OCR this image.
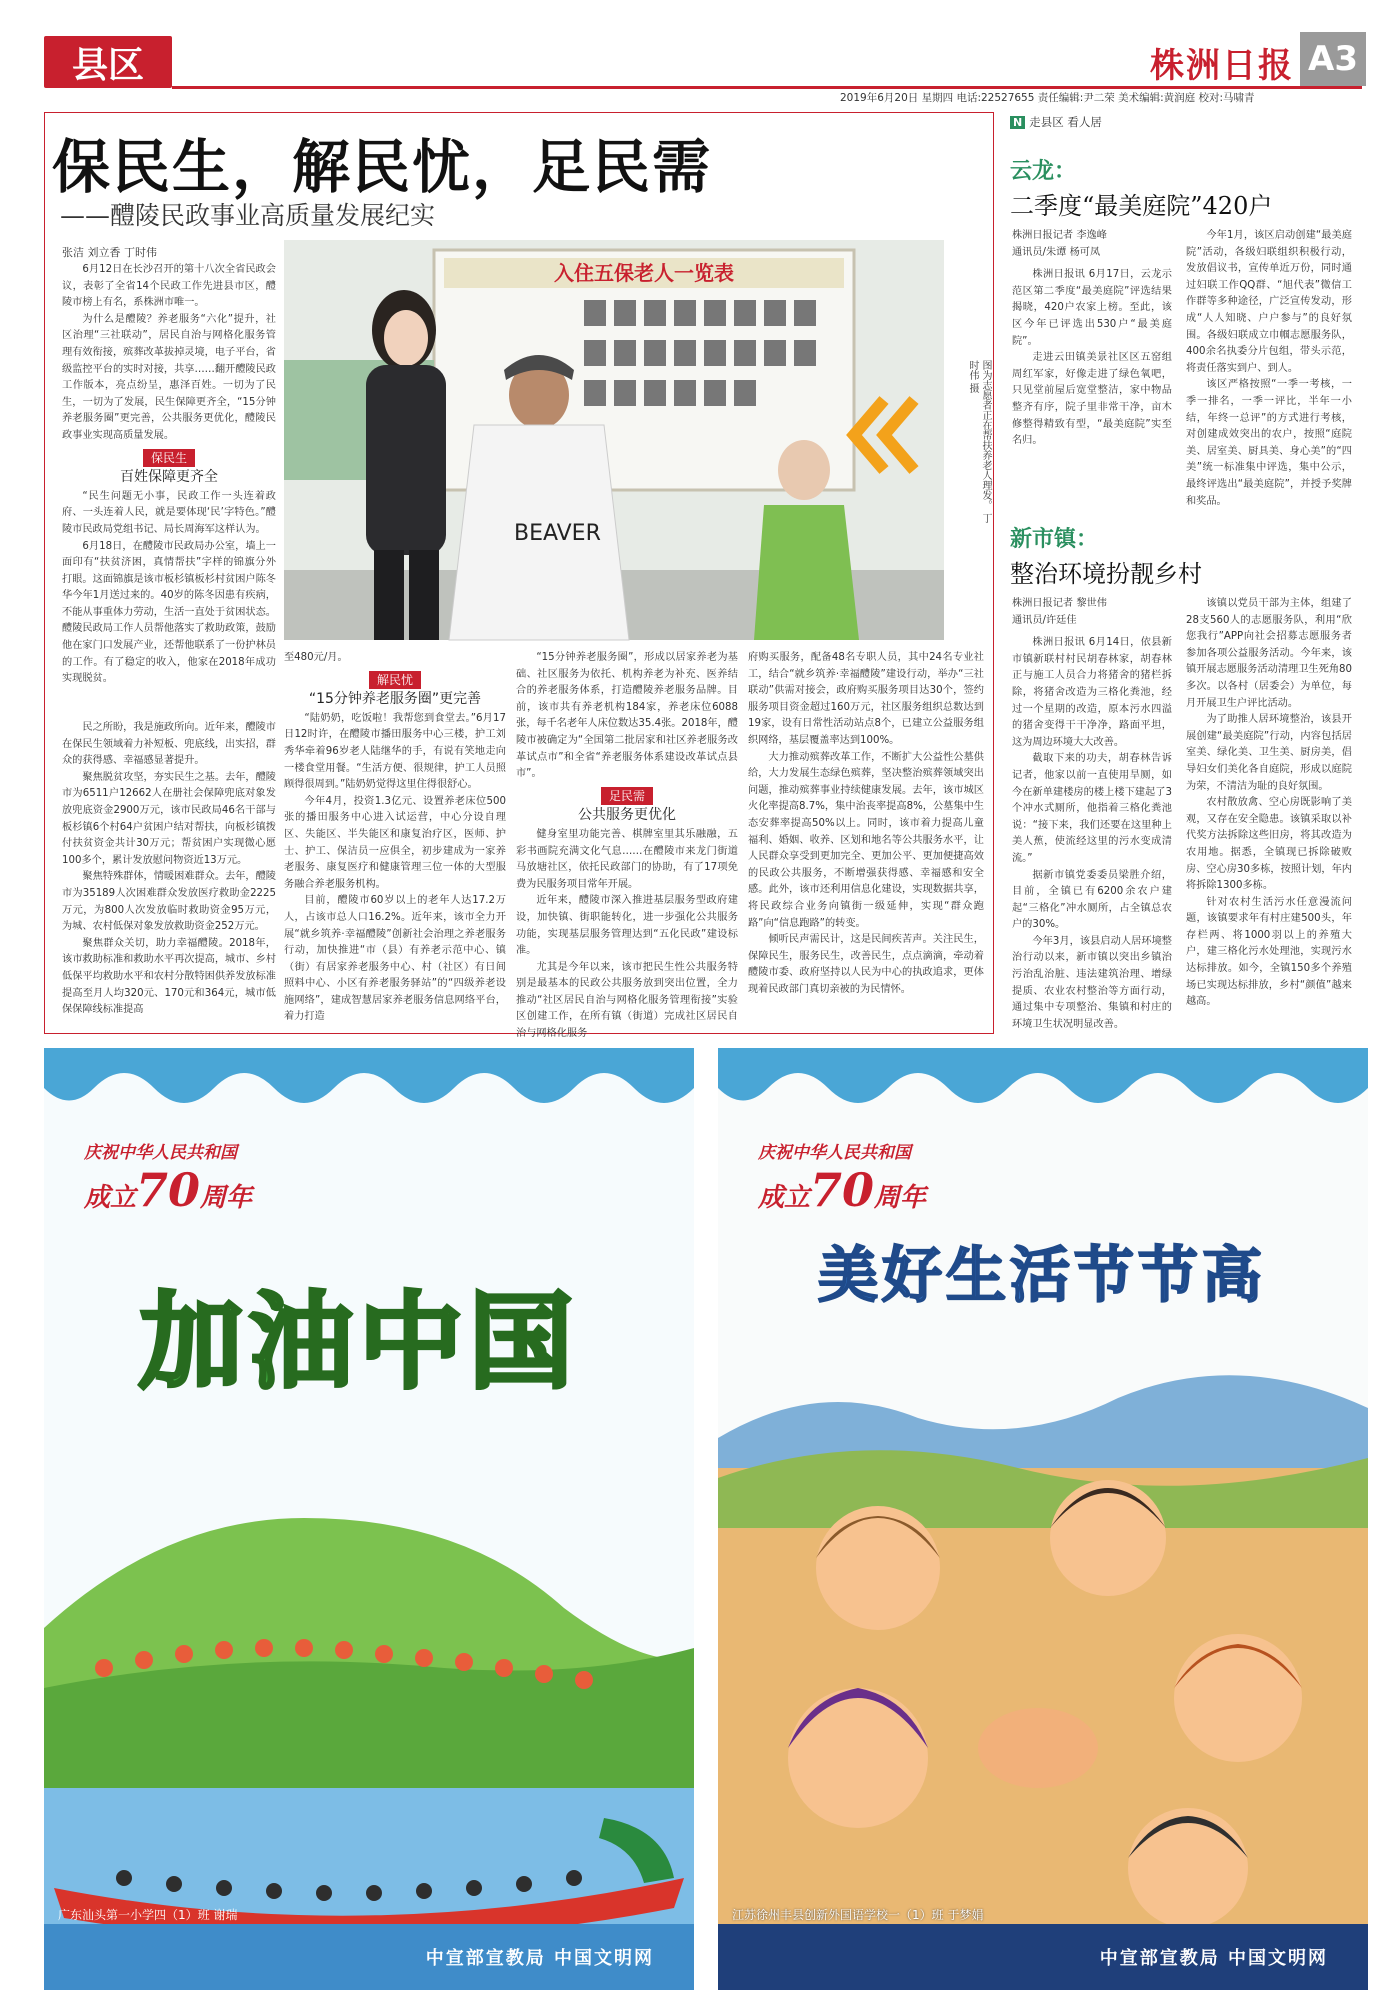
县区	株洲日报 A3
2019年6月20日 星期四 电话:22527655 责任编辑:尹二荣 美术编辑:黄润庭 校对:马啸青
保民生，解民忧，足民需
——醴陵民政事业高质量发展纪实
张洁 刘立香 丁时伟
入住五保老人一览表
BEAVER
图为志愿者正在帮扶养老人理发。 丁时伟 摄

6月12日在长沙召开的第十八次全省民政会议，表彰了全省14个民政工作先进县市区，醴陵市榜上有名，系株洲市唯一。

为什么是醴陵？养老服务“六化”提升，社区治理“三社联动”，居民自治与网格化服务管理有效衔接，殡葬改革拔掉灵境，电子平台，省级监控平台的实时对接，共享……翻开醴陵民政工作版本，亮点纷呈，惠泽百姓。一切为了民生，一切为了发展，民生保障更齐全，“15分钟养老服务圈”更完善，公共服务更优化，醴陵民政事业实现高质量发展。

保民生
百姓保障更齐全

“民生问题无小事，民政工作一头连着政府、一头连着人民，就是要体现‘民’字特色。”醴陵市民政局党组书记、局长周海军这样认为。

6月18日，在醴陵市民政局办公室，墙上一面印有“扶贫济困，真情帮扶”字样的锦旗分外打眼。这面锦旗是该市板杉镇板杉村贫困户陈冬华今年1月送过来的。40岁的陈冬因患有疾病，不能从事重体力劳动，生活一直处于贫困状态。醴陵民政局工作人员帮他落实了救助政策，鼓励他在家门口发展产业，还帮他联系了一份护林员的工作。有了稳定的收入，他家在2018年成功实现脱贫。

民之所盼，我是施政所向。近年来，醴陵市在保民生领域着力补短板、兜底线，出实招，群众的获得感、幸福感显著提升。

聚焦脱贫攻坚，夯实民生之基。去年，醴陵市为6511户12662人在册社会保障兜底对象发放兜底资金2900万元，该市民政局46名干部与板杉镇6个村64户贫困户结对帮扶，向板杉镇拨付扶贫资金共计30万元；帮贫困户实现微心愿100多个，累计发放慰问物资近13万元。

聚焦特殊群体，情暖困难群众。去年，醴陵市为35189人次困难群众发放医疗救助金2225万元，为800人次发放临时救助资金95万元，为城、农村低保对象发放救助资金252万元。

聚焦群众关切，助力幸福醴陵。2018年，该市救助标准和救助水平再次提高，城市、乡村低保平均救助水平和农村分散特困供养发放标准提高至月人均320元、170元和364元，城市低保保障线标准提高

至480元/月。

解民忧
“15分钟养老服务圈”更完善

“陆奶奶，吃饭啦！我帮您到食堂去。”6月17日12时许，在醴陵市播田服务中心三楼，护工刘秀华牵着96岁老人陆继华的手，有说有笑地走向一楼食堂用餐。“生活方便、很规律，护工人员照顾得很周到。”陆奶奶觉得这里住得很舒心。

今年4月，投资1.3亿元、设置养老床位500张的播田服务中心进入试运营，中心分设自理区、失能区、半失能区和康复治疗区，医师、护士、护工、保洁员一应俱全，初步建成为一家养老服务、康复医疗和健康管理三位一体的大型服务融合养老服务机构。

目前，醴陵市60岁以上的老年人达17.2万人，占该市总人口16.2%。近年来，该市全力开展“就乡筑养·幸福醴陵”创新社会治理之养老服务行动，加快推进“市（县）有养老示范中心、镇（街）有居家养老服务中心、村（社区）有日间照料中心、小区有养老服务驿站”的“四级养老设施网络”，建成智慧居家养老服务信息网络平台，着力打造

“15分钟养老服务圈”，形成以居家养老为基础、社区服务为依托、机构养老为补充、医养结合的养老服务体系，打造醴陵养老服务品牌。目前，该市共有养老机构184家，养老床位6088张，每千名老年人床位数达35.4张。2018年，醴陵市被确定为“全国第二批居家和社区养老服务改革试点市”和全省“养老服务体系建设改革试点县市”。

足民需
公共服务更优化

健身室里功能完善、棋牌室里其乐融融，五彩书画院充满文化气息……在醴陵市来龙门街道马放塘社区，依托民政部门的协助，有了17项免费为民服务项目常年开展。

近年来，醴陵市深入推进基层服务型政府建设，加快镇、街职能转化，进一步强化公共服务功能，实现基层服务管理达到“五化民政”建设标准。

尤其是今年以来，该市把民生性公共服务特别是最基本的民政公共服务放到突出位置，全力推动“社区居民自治与网格化服务管理衔接”实验区创建工作，在所有镇（街道）完成社区居民自治与网格化服务

府购买服务，配备48名专职人员，其中24名专业社工，结合“就乡筑养·幸福醴陵”建设行动，举办“三社联动”供需对接会，政府购买服务项目达30个，签约服务项目资金超过160万元，社区服务组织总数达到19家，设有日常性活动站点8个，已建立公益服务组织网络，基层覆盖率达到100%。

大力推动殡葬改革工作，不断扩大公益性公墓供给，大力发展生态绿色殡葬，坚决整治殡葬领域突出问题，推动殡葬事业持续健康发展。去年，该市城区火化率提高8.7%，集中治丧率提高8%，公墓集中生态安葬率提高50%以上。同时，该市着力提高儿童福利、婚姻、收养、区划和地名等公共服务水平，让人民群众享受到更加完全、更加公平、更加便捷高效的民政公共服务，不断增强获得感、幸福感和安全感。此外，该市还利用信息化建设，实现数据共享，将民政综合业务向镇街一级延伸，实现“群众跑路”向“信息跑路”的转变。

倾听民声需民计，这是民间疾苦声。关注民生，保障民生，服务民生，改善民生，点点滴滴，牵动着醴陵市委、政府坚持以人民为中心的执政追求，更体现着民政部门真切亲被的为民情怀。

N 走县区 看人居
云龙：
二季度“最美庭院”420户

株洲日报记者 李逸峰

通讯员/朱谭 杨可凤

株洲日报讯 6月17日，云龙示范区第二季度“最美庭院”评选结果揭晓，420户农家上榜。至此，该区今年已评选出530户“最美庭院”。

走进云田镇美景社区区五窑组周红军家，好像走进了绿色氧吧，只见堂前屋后宽堂整洁，家中物品整齐有序，院子里非常干净，亩木修整得精致有型，“最美庭院”实至名归。

今年1月，该区启动创建“最美庭院”活动，各级妇联组织积极行动，发放倡议书，宣传单近万份，同时通过妇联工作QQ群、“旭代表”微信工作群等多种途径，广泛宣传发动，形成“人人知晓、户户参与”的良好氛围。各级妇联成立巾帼志愿服务队，400余名执委分片包组，带头示范，将责任落实到户、到人。

该区严格按照“一季一考核，一季一排名，一季一评比，半年一小结，年终一总评”的方式进行考核，对创建成效突出的农户，按照“庭院美、居室美、厨具美、身心美”的“四美”统一标准集中评选，集中公示，最终评选出“最美庭院”，并授予奖牌和奖品。

新市镇：
整治环境扮靓乡村

株洲日报记者 黎世伟

通讯员/许廷佳

株洲日报讯 6月14日，依县新市镇新联村村民胡春林家，胡春林正与施工人员合力将猪舍的猪栏拆除，将猪舍改造为三格化粪池，经过一个星期的改造，原本污水四溢的猪舍变得干干净净，路面平坦，这为周边环境大大改善。

截取下来的功夫，胡春林告诉记者，他家以前一直使用旱厕，如今在新单建楼房的楼上楼下建起了3个冲水式厕所，他指着三格化粪池说：“接下来，我们还要在这里种上美人蕉，使流经这里的污水变成清流。”

据新市镇党委委员梁胜介绍，目前，全镇已有6200余农户建起“三格化”冲水厕所，占全镇总农户的30%。

今年3月，该县启动人居环境整治行动以来，新市镇以突出乡镇治污治乱治脏、违法建筑治理、增绿提质、农业农村整治等方面行动，通过集中专项整治、集镇和村庄的环境卫生状况明显改善。

该镇以党员干部为主体，组建了28支560人的志愿服务队，利用“欣您我行”APP向社会招募志愿服务者参加各项公益服务活动。今年来，该镇开展志愿服务活动清理卫生死角80多次。以各村（居委会）为单位，每月开展卫生户评比活动。

为了助推人居环境整治，该县开展创建“最美庭院”行动，内容包括居室美、绿化美、卫生美、厨房美，倡导妇女们美化各自庭院，形成以庭院为荣，不清洁为耻的良好氛围。

农村散放禽、空心房既影响了美观，又存在安全隐患。该镇采取以补代奖方法拆除这些旧房，将其改造为农用地。据悉，全镇现已拆除破败房、空心房30多栋，按照计划，年内将拆除1300多栋。

针对农村生活污水任意漫流问题，该镇要求年有村庄建500头，年存栏两、将1000羽以上的养殖大户，建三格化污水处理池，实现污水达标排放。如今，全镇150多个养殖场已实现达标排放，乡村“颜值”越来越高。

庆祝中华人民共和国
成立70周年
加油中国
广东汕头第一小学四（1）班 谢瑞
中宣部宣教局 中国文明网
庆祝中华人民共和国
成立70周年
美好生活节节高
江苏徐州丰县创新外国语学校一（1）班 于梦娟
中宣部宣教局 中国文明网
